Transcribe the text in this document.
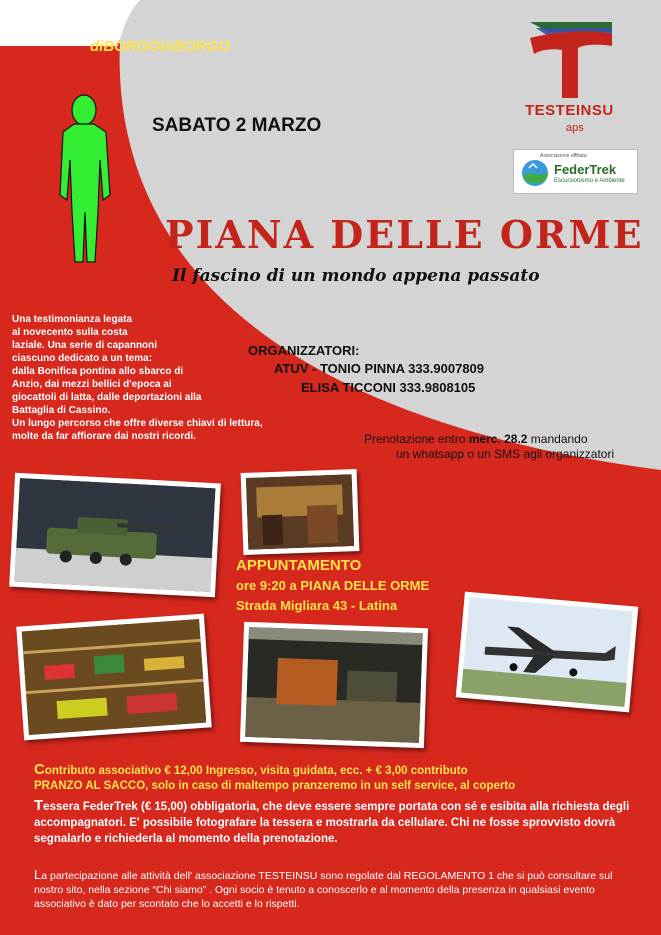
diBORGOinBORGO
SABATO 2 MARZO
TESTEINSU
aps
Associazione affiliata
FederTrek
Escursionismo e Ambiente
PIANA DELLE ORME
Il fascino di un mondo appena passato
Una testimonianza legata
al novecento sulla costa
laziale. Una serie di capannoni
ciascuno dedicato a un tema:
dalla Bonifica pontina allo sbarco di
Anzio, dai mezzi bellici d'epoca ai
giocattoli di latta, dalle deportazioni alla
Battaglia di Cassino.
Un lungo percorso che offre diverse chiavi di lettura,
molte da far affiorare dai nostri ricordi.
ORGANIZZATORI:
ATUV - TONIO PINNA 333.9007809
ELISA TICCONI 333.9808105
Prenotazione entro merc. 28.2 mandando
un whatsapp o un SMS agli organizzatori
APPUNTAMENTO
ore 9:20 a PIANA DELLE ORME
Strada Migliara 43 - Latina
Contributo associativo € 12,00 Ingresso, visita guidata, ecc. + € 3,00 contributo
PRANZO AL SACCO, solo in caso di maltempo pranzeremo in un self service, al coperto
Tessera FederTrek (€ 15,00) obbligatoria, che deve essere sempre portata con sé e esibita alla richiesta degli accompagnatori. E' possibile fotografare la tessera e mostrarla da cellulare. Chi ne fosse sprovvisto dovrà segnalarlo e richiederla al momento della prenotazione.
La partecipazione alle attività dell' associazione TESTEINSU sono regolate dal REGOLAMENTO 1 che si può consultare sul nostro sito, nella sezione “Chi siamo” . Ogni socio è tenuto a conoscerlo e al momento della presenza in qualsiasi evento associativo è dato per scontato che lo accetti e lo rispetti.
